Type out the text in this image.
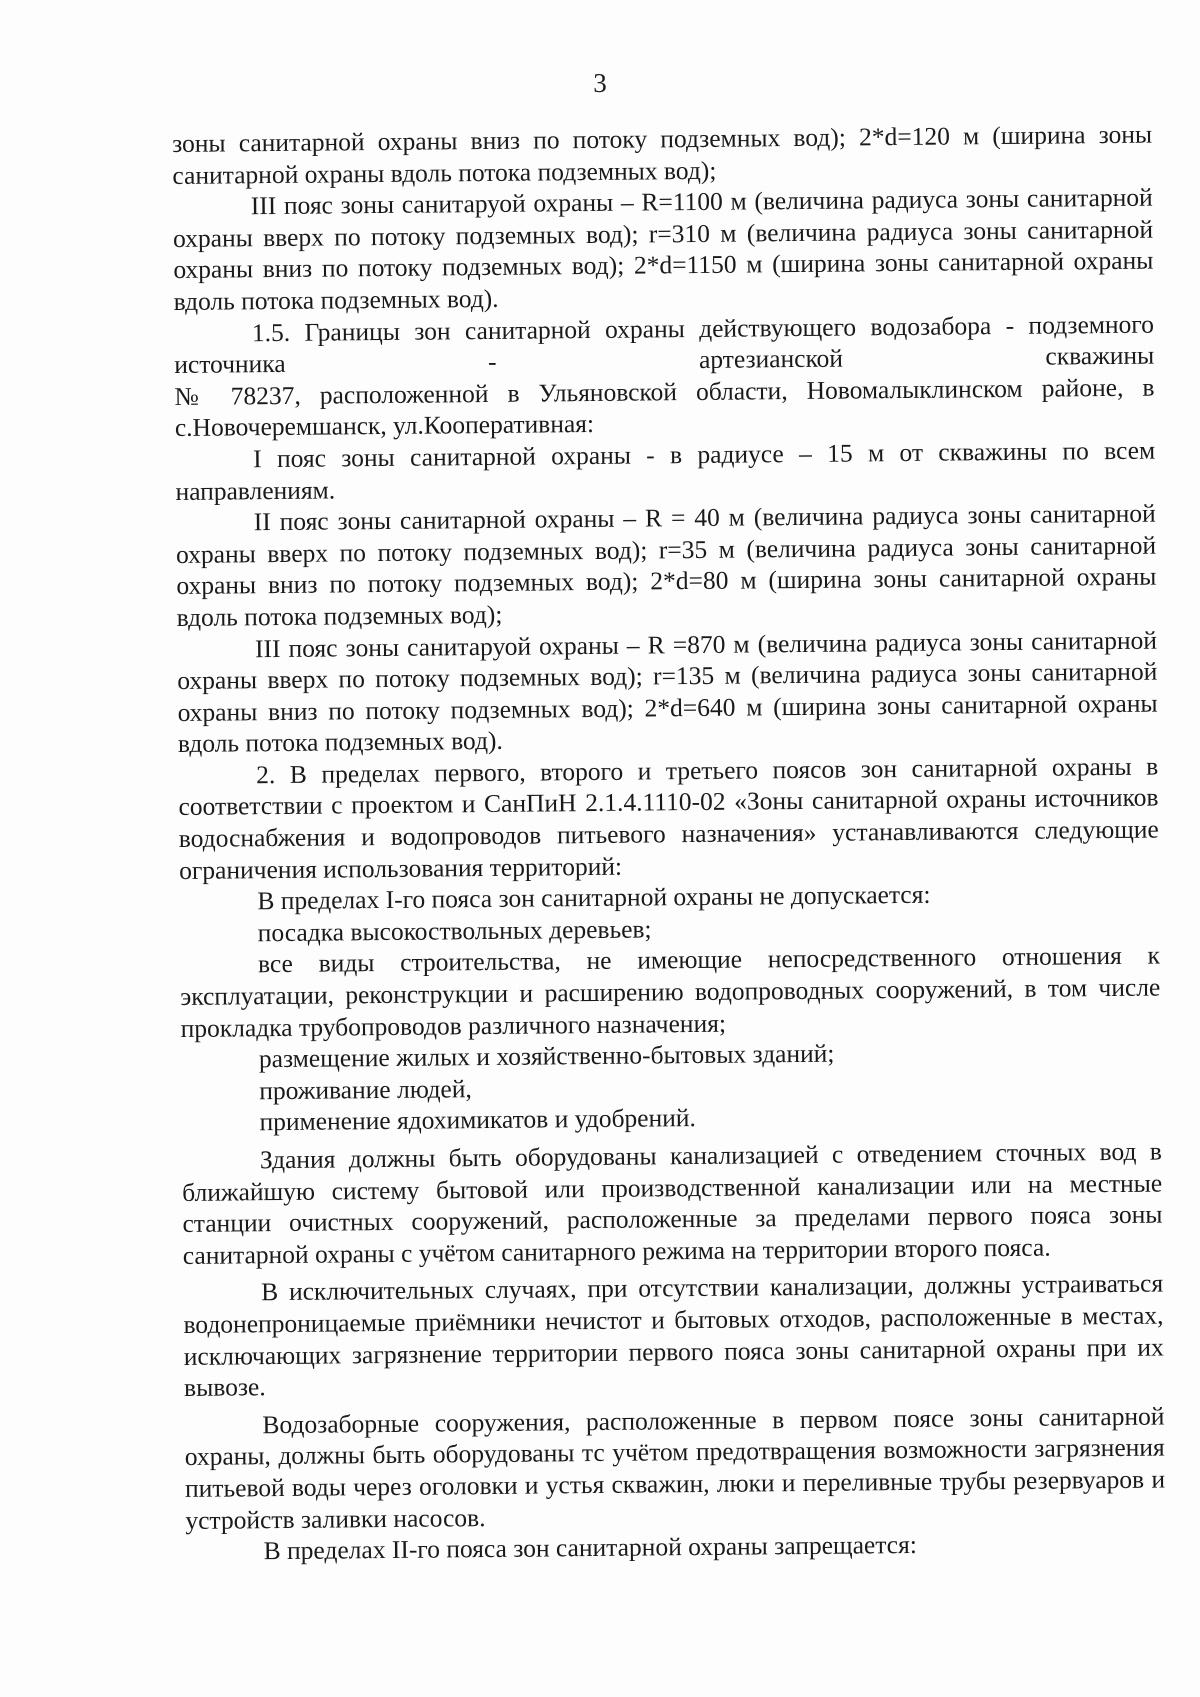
3

зоны санитарной охраны вниз по потоку подземных вод); 2*d=120 м (ширина зоны санитарной охраны вдоль потока подземных вод);

III пояс зоны санитаруой охраны – R=1100 м (величина радиуса зоны санитарной охраны вверх по потоку подземных вод); r=310 м (величина радиуса зоны санитарной охраны вниз по потоку подземных вод); 2*d=1150 м (ширина зоны санитарной охраны вдоль потока подземных вод).

1.5. Границы зон санитарной охраны действующего водозабора - подземного источника - артезианской скважины

№ 78237, расположенной в Ульяновской области, Новомалыклинском районе, в с.Новочеремшанск, ул.Кооперативная:

I пояс зоны санитарной охраны - в радиусе – 15 м от скважины по всем направлениям.

II пояс зоны санитарной охраны – R = 40 м (величина радиуса зоны санитарной охраны вверх по потоку подземных вод); r=35 м (величина радиуса зоны санитарной охраны вниз по потоку подземных вод); 2*d=80 м (ширина зоны санитарной охраны вдоль потока подземных вод);

III пояс зоны санитаруой охраны – R =870 м (величина радиуса зоны санитарной охраны вверх по потоку подземных вод); r=135 м (величина радиуса зоны санитарной охраны вниз по потоку подземных вод); 2*d=640 м (ширина зоны санитарной охраны вдоль потока подземных вод).

2. В пределах первого, второго и третьего поясов зон санитарной охраны в соответствии с проектом и СанПиН 2.1.4.1110-02 «Зоны санитарной охраны источников водоснабжения и водопроводов питьевого назначения» устанавливаются следующие ограничения использования территорий:

В пределах I-го пояса зон санитарной охраны не допускается:

посадка высокоствольных деревьев;

все виды строительства, не имеющие непосредственного отношения к эксплуатации, реконструкции и расширению водопроводных сооружений, в том числе прокладка трубопроводов различного назначения;

размещение жилых и хозяйственно-бытовых зданий;

проживание людей,

применение ядохимикатов и удобрений.

Здания должны быть оборудованы канализацией с отведением сточных вод в ближайшую систему бытовой или производственной канализации или на местные станции очистных сооружений, расположенные за пределами первого пояса зоны санитарной охраны с учётом санитарного режима на территории второго пояса.

В исключительных случаях, при отсутствии канализации, должны устраиваться водонепроницаемые приёмники нечистот и бытовых отходов, расположенные в местах, исключающих загрязнение территории первого пояса зоны санитарной охраны при их вывозе.

Водозаборные сооружения, расположенные в первом поясе зоны санитарной охраны, должны быть оборудованы тс учётом предотвращения возможности загрязнения питьевой воды через оголовки и устья скважин, люки и переливные трубы резервуаров и устройств заливки насосов.

В пределах II-го пояса зон санитарной охраны запрещается:
